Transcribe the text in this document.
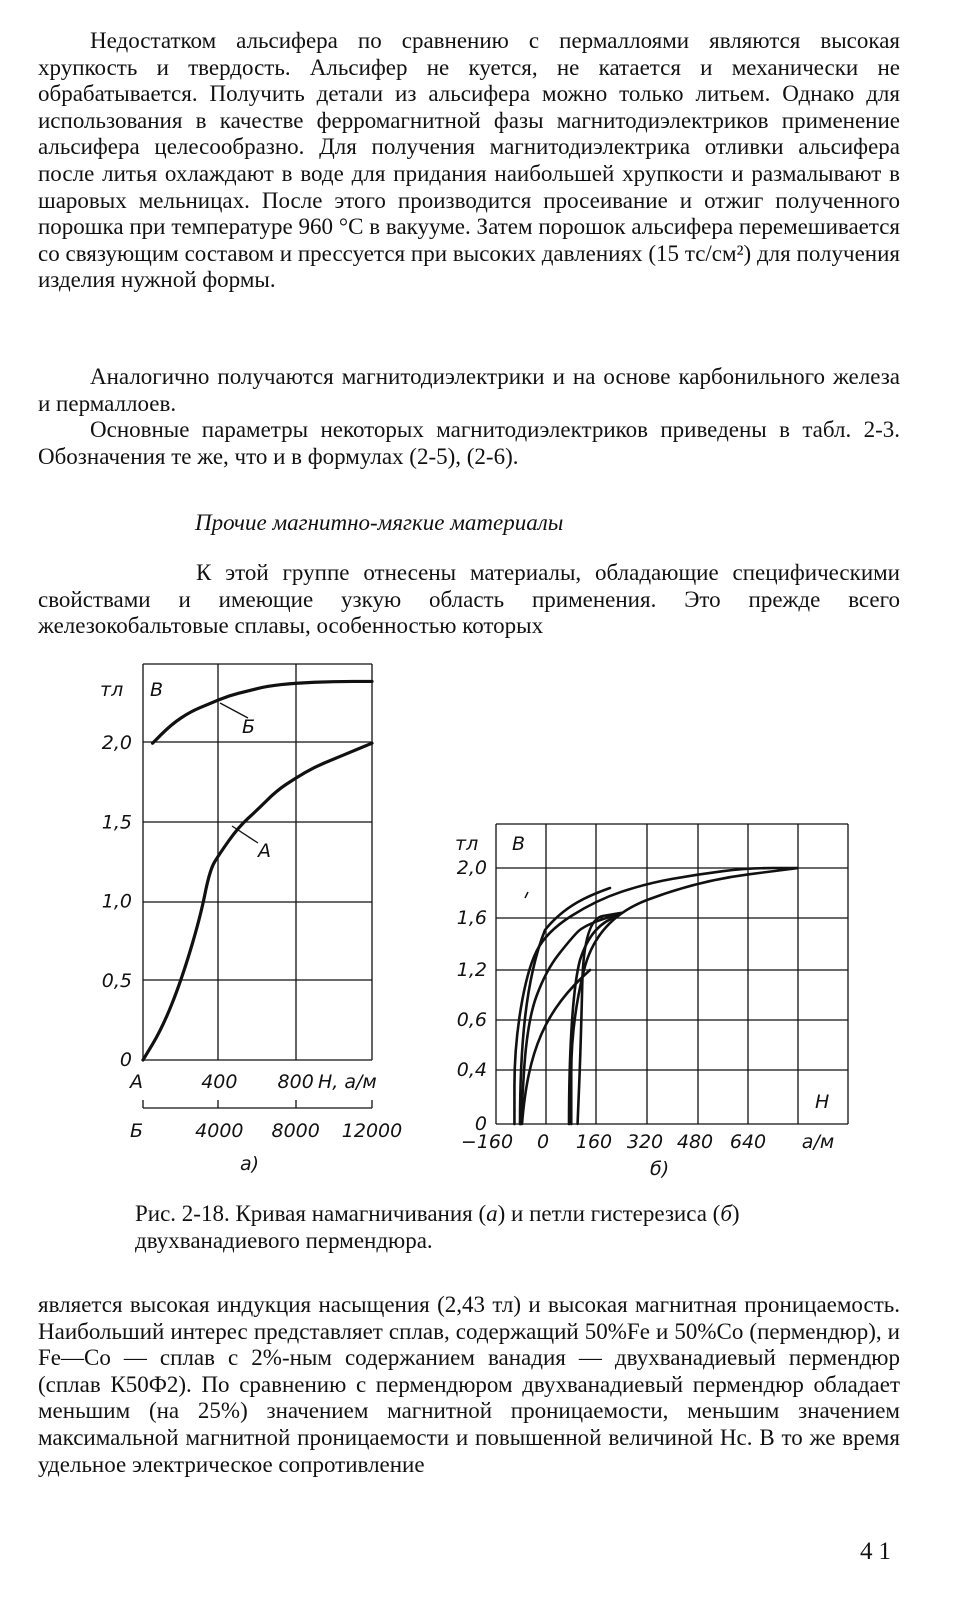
Недостатком альсифера по сравнению с пермаллоями являются высокая хрупкость и твердость. Альсифер не куется, не катается и механически не обрабатывается. Получить детали из альсифера можно только литьем. Однако для использования в качестве ферромагнитной фазы магнитодиэлектриков применение альсифера целесообразно. Для получения магнитодиэлектрика отливки альсифера после литья охлаждают в воде для придания наибольшей хрупкости и размалывают в шаровых мельницах. После этого производится просеивание и отжиг полученного порошка при температуре 960 °С в вакууме. Затем порошок альсифера перемешивается со связующим составом и прессуется при высоких давлениях (15 тс/см²) для получения изделия нужной формы.

Аналогично получаются магнитодиэлектрики и на основе карбонильного железа и пермаллоев.

Основные параметры некоторых магнитодиэлектриков приведены в табл. 2-3. Обозначения те же, что и в формулах (2-5), (2-6).

Прочие магнитно-мягкие материалы

К этой группе отнесены материалы, обладающие специфическими свойствами и имеющие узкую область применения. Это прежде всего железокобальтовые сплавы, особенностью которых

тл B
2,0
1,5
1,0
0,5
0
A	400 800 H, а/м
Б	4000 8000 12000
Б
А
а)
тл B
2,0
1,6
1,2
0,6
0,4
0
H
−160 0 160 320 480 640 а/м
б)

Рис. 2-18. Кривая намагничивания (а) и петли гистерезиса (б) двухванадиевого пермендюра.

является высокая индукция насыщения (2,43 тл) и высокая магнитная проницаемость. Наибольший интерес представляет сплав, содержащий 50%Fe и 50%Co (пермендюр), и Fe—Co — сплав с 2%-ным содержанием ванадия — двухванадиевый пермендюр (сплав К50Ф2). По сравнению с пермендюром двухванадиевый пермендюр обладает меньшим (на 25%) значением магнитной проницаемости, меньшим значением максимальной магнитной проницаемости и повышенной величиной Hc. В то же время удельное электрическое сопротивление

41
